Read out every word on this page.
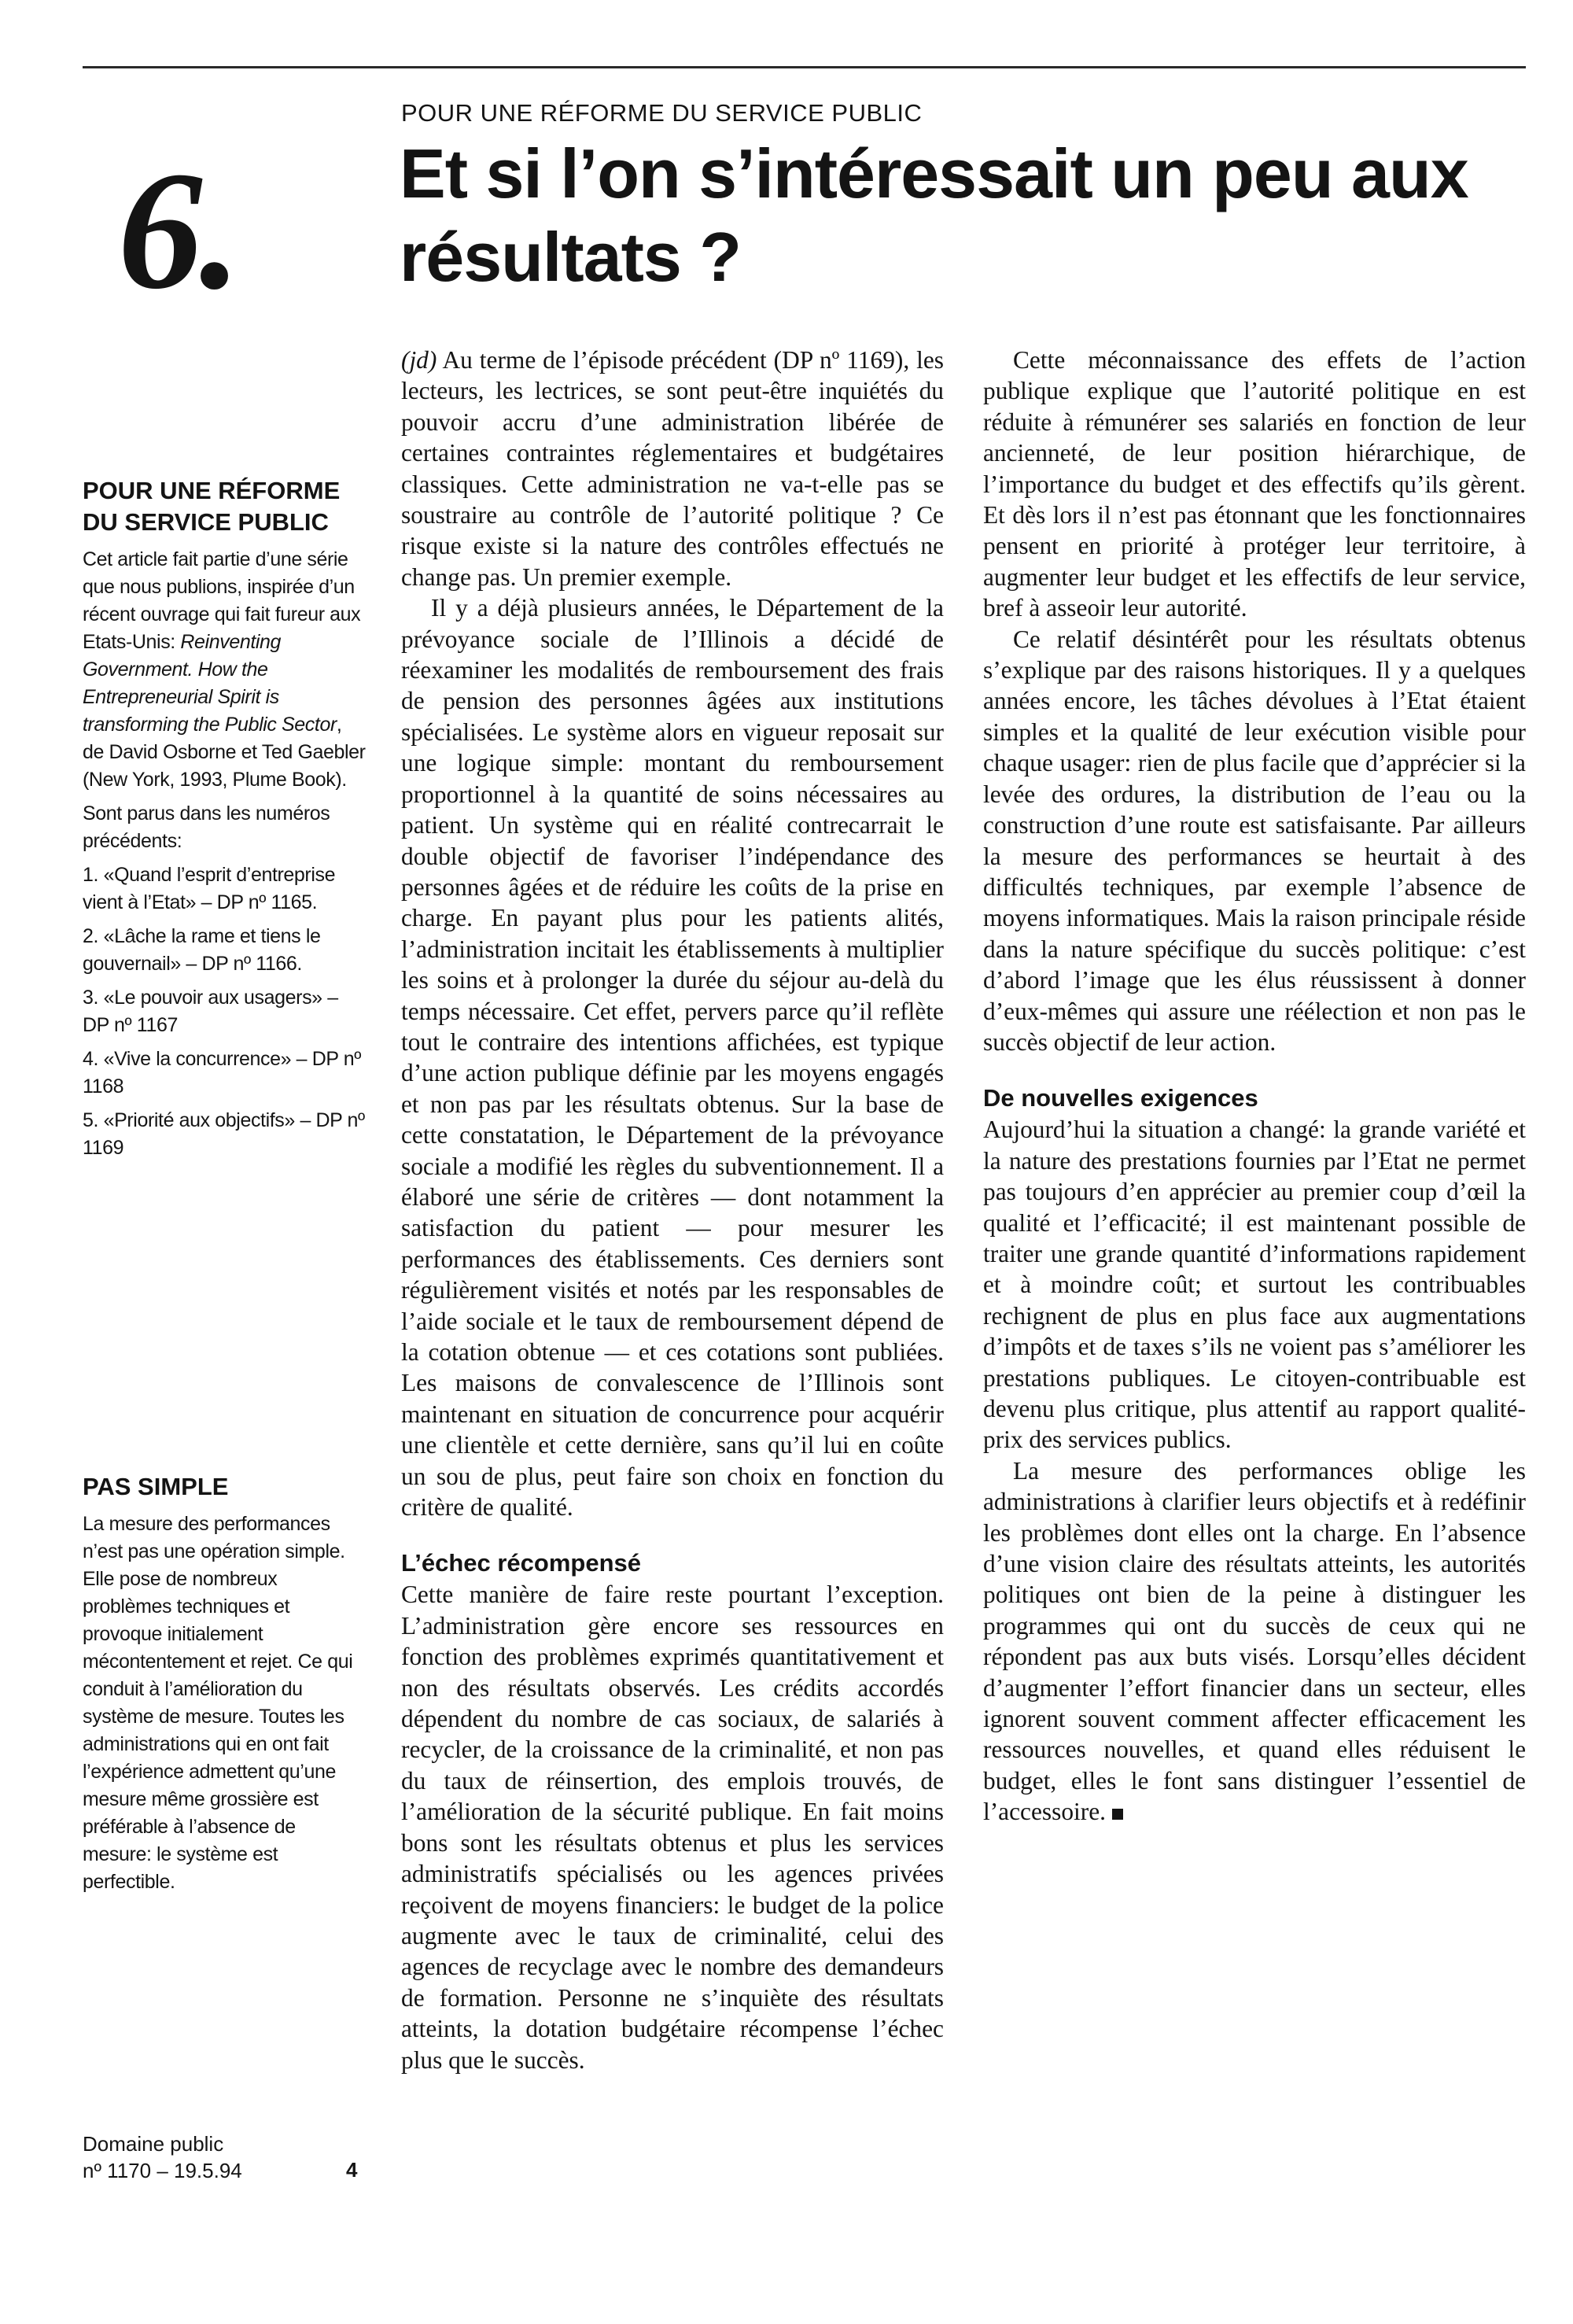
6.
POUR UNE RÉFORME DU SERVICE PUBLIC
Et si l’on s’intéressait un peu aux résultats ?
POUR UNE RÉFORME DU SERVICE PUBLIC

Cet article fait partie d’une série que nous publions, inspirée d’un récent ouvrage qui fait fureur aux Etats-Unis: Reinventing Government. How the Entrepreneurial Spirit is transforming the Public Sector, de David Osborne et Ted Gaebler (New York, 1993, Plume Book).

Sont parus dans les numéros précédents:

1. «Quand l’esprit d’entreprise vient à l’Etat» – DP nº 1165.
2. «Lâche la rame et tiens le gouvernail» – DP nº 1166.
3. «Le pouvoir aux usagers» – DP nº 1167
4. «Vive la concurrence» – DP nº 1168
5. «Priorité aux objectifs» – DP nº 1169
PAS SIMPLE

La mesure des performances n’est pas une opération simple. Elle pose de nombreux problèmes techniques et provoque initialement mécontentement et rejet. Ce qui conduit à l’amélioration du système de mesure. Toutes les administrations qui en ont fait l’expérience admettent qu’une mesure même grossière est préférable à l’absence de mesure: le système est perfectible.

Domaine public
nº 1170 – 19.5.94	4

(jd) Au terme de l’épisode précédent (DP nº 1169), les lecteurs, les lectrices, se sont peut-être inquiétés du pouvoir accru d’une administration libérée de certaines contraintes réglementaires et budgétaires classiques. Cette administration ne va-t-elle pas se soustraire au contrôle de l’autorité politique ? Ce risque existe si la nature des contrôles effectués ne change pas. Un premier exemple.

Il y a déjà plusieurs années, le Département de la prévoyance sociale de l’Illinois a décidé de réexaminer les modalités de remboursement des frais de pension des personnes âgées aux institutions spécialisées. Le système alors en vigueur reposait sur une logique simple: montant du remboursement proportionnel à la quantité de soins nécessaires au patient. Un système qui en réalité contrecarrait le double objectif de favoriser l’indépendance des personnes âgées et de réduire les coûts de la prise en charge. En payant plus pour les patients alités, l’administration incitait les établissements à multiplier les soins et à prolonger la durée du séjour au-delà du temps nécessaire. Cet effet, pervers parce qu’il reflète tout le contraire des intentions affichées, est typique d’une action publique définie par les moyens engagés et non pas par les résultats obtenus. Sur la base de cette constatation, le Département de la prévoyance sociale a modifié les règles du subventionnement. Il a élaboré une série de critères — dont notamment la satisfaction du patient — pour mesurer les performances des établissements. Ces derniers sont régulièrement visités et notés par les responsables de l’aide sociale et le taux de remboursement dépend de la cotation obtenue — et ces cotations sont publiées. Les maisons de convalescence de l’Illinois sont maintenant en situation de concurrence pour acquérir une clientèle et cette dernière, sans qu’il lui en coûte un sou de plus, peut faire son choix en fonction du critère de qualité.

L’échec récompensé

Cette manière de faire reste pourtant l’exception. L’administration gère encore ses ressources en fonction des problèmes exprimés quantitativement et non des résultats observés. Les crédits accordés dépendent du nombre de cas sociaux, de salariés à recycler, de la croissance de la criminalité, et non pas du taux de réinsertion, des emplois trouvés, de l’amélioration de la sécurité publique. En fait moins bons sont les résultats obtenus et plus les services administratifs spécialisés ou les agences privées reçoivent de moyens financiers: le budget de la police augmente avec le taux de criminalité, celui des agences de recyclage avec le nombre des demandeurs de formation. Personne ne s’inquiète des résultats atteints, la dotation budgétaire récompense l’échec plus que le succès.

Cette méconnaissance des effets de l’action publique explique que l’autorité politique en est réduite à rémunérer ses salariés en fonction de leur ancienneté, de leur position hiérarchique, de l’importance du budget et des effectifs qu’ils gèrent. Et dès lors il n’est pas étonnant que les fonctionnaires pensent en priorité à protéger leur territoire, à augmenter leur budget et les effectifs de leur service, bref à asseoir leur autorité.

Ce relatif désintérêt pour les résultats obtenus s’explique par des raisons historiques. Il y a quelques années encore, les tâches dévolues à l’Etat étaient simples et la qualité de leur exécution visible pour chaque usager: rien de plus facile que d’apprécier si la levée des ordures, la distribution de l’eau ou la construction d’une route est satisfaisante. Par ailleurs la mesure des performances se heurtait à des difficultés techniques, par exemple l’absence de moyens informatiques. Mais la raison principale réside dans la nature spécifique du succès politique: c’est d’abord l’image que les élus réussissent à donner d’eux-mêmes qui assure une réélection et non pas le succès objectif de leur action.

De nouvelles exigences

Aujourd’hui la situation a changé: la grande variété et la nature des prestations fournies par l’Etat ne permet pas toujours d’en apprécier au premier coup d’œil la qualité et l’efficacité; il est maintenant possible de traiter une grande quantité d’informations rapidement et à moindre coût; et surtout les contribuables rechignent de plus en plus face aux augmentations d’impôts et de taxes s’ils ne voient pas s’améliorer les prestations publiques. Le citoyen-contribuable est devenu plus critique, plus attentif au rapport qualité-prix des services publics.

La mesure des performances oblige les administrations à clarifier leurs objectifs et à redéfinir les problèmes dont elles ont la charge. En l’absence d’une vision claire des résultats atteints, les autorités politiques ont bien de la peine à distinguer les programmes qui ont du succès de ceux qui ne répondent pas aux buts visés. Lorsqu’elles décident d’augmenter l’effort financier dans un secteur, elles ignorent souvent comment affecter efficacement les ressources nouvelles, et quand elles réduisent le budget, elles le font sans distinguer l’essentiel de l’accessoire.
